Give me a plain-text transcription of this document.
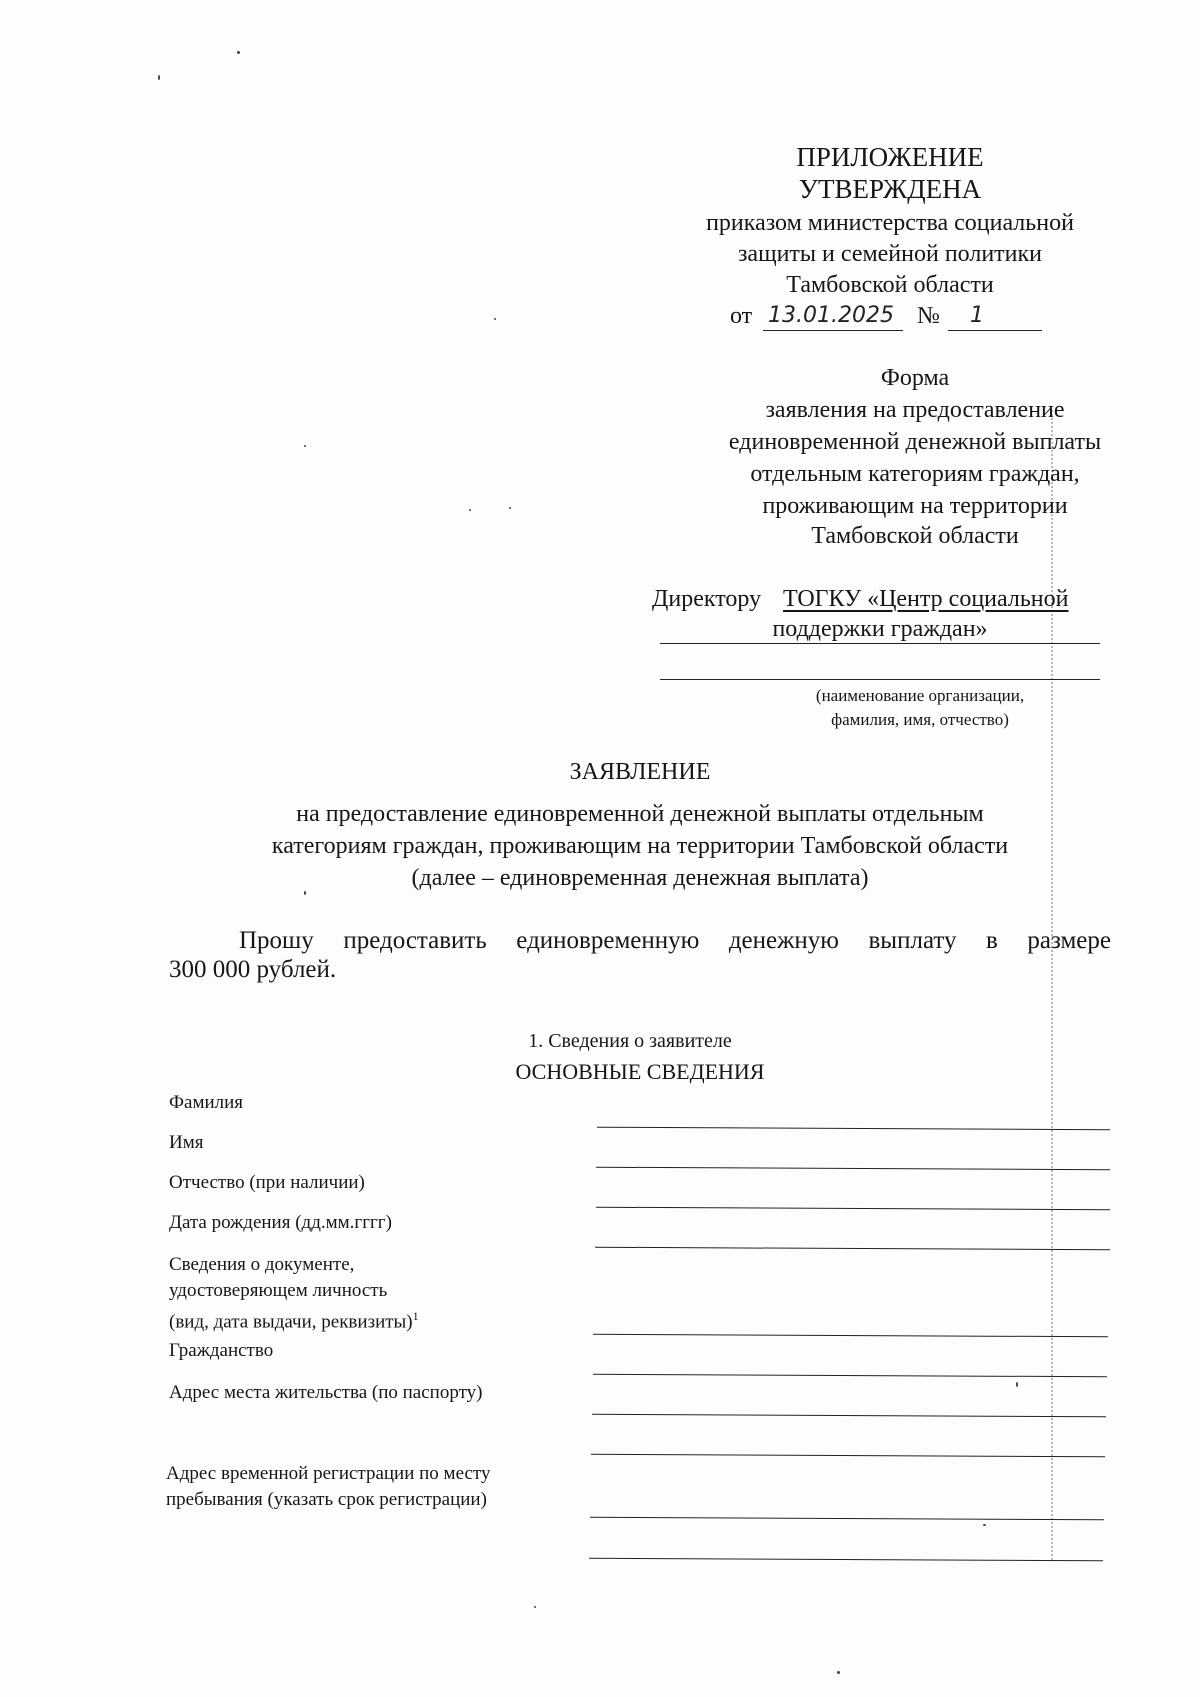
ПРИЛОЖЕНИЕ
УТВЕРЖДЕНА
приказом министерства социальной
защиты и семейной политики
Тамбовской области
от 13.01.2025 № 1
Форма
заявления на предоставление
единовременной денежной выплаты
отдельным категориям граждан,
проживающим на территории
Тамбовской области
Директору ТОГКУ «Центр социальной
поддержки граждан»
(наименование организации,
фамилия, имя, отчество)
ЗАЯВЛЕНИЕ
на предоставление единовременной денежной выплаты отдельным
категориям граждан, проживающим на территории Тамбовской области
(далее – единовременная денежная выплата)
Прошу предоставить единовременную денежную выплату в размере
300 000 рублей.
1. Сведения о заявителе
ОСНОВНЫЕ СВЕДЕНИЯ
Фамилия
Имя
Отчество (при наличии)
Дата рождения (дд.мм.гггг)
Сведения о документе,
удостоверяющем личность
(вид, дата выдачи, реквизиты)$^1$
Гражданство
Адрес места жительства (по паспорту)
Адрес временной регистрации по месту
пребывания (указать срок регистрации)
